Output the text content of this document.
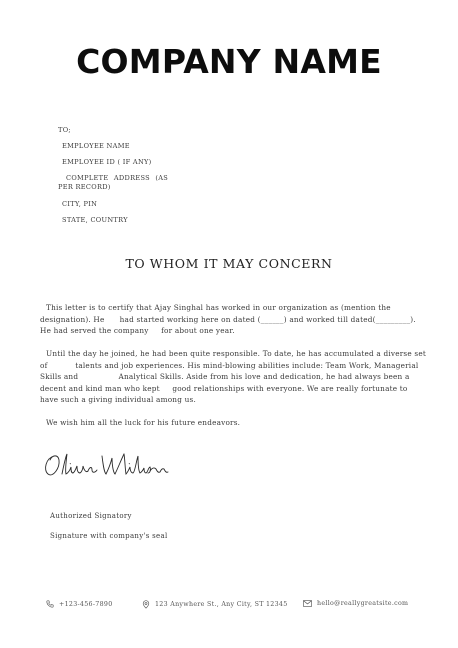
COMPANY NAME
TO;
EMPLOYEE NAME
EMPLOYEE ID ( IF ANY)
COMPLETE ADDRESS (AS
PER RECORD)
CITY, PIN
STATE, COUNTRY
TO WHOM IT MAY CONCERN
This letter is to certify that Ajay Singhal has worked in our organization as (mention the designation). He      had started working here on dated (______) and worked till dated(_________). He had served the company     for about one year.
Until the day he joined, he had been quite responsible. To date, he has accumulated a diverse set of           talents and job experiences. His mind-blowing abilities include: Team Work, Managerial Skills and                Analytical Skills. Aside from his love and dedication, he had always been a decent and kind man who kept     good relationships with everyone. We are really fortunate to have such a giving individual among us.
We wish him all the luck for his future endeavors.
Authorized Signatory
Signature with company's seal
+123-456-7890	123 Anywhere St., Any City, ST 12345	hello@reallygreatsite.com
